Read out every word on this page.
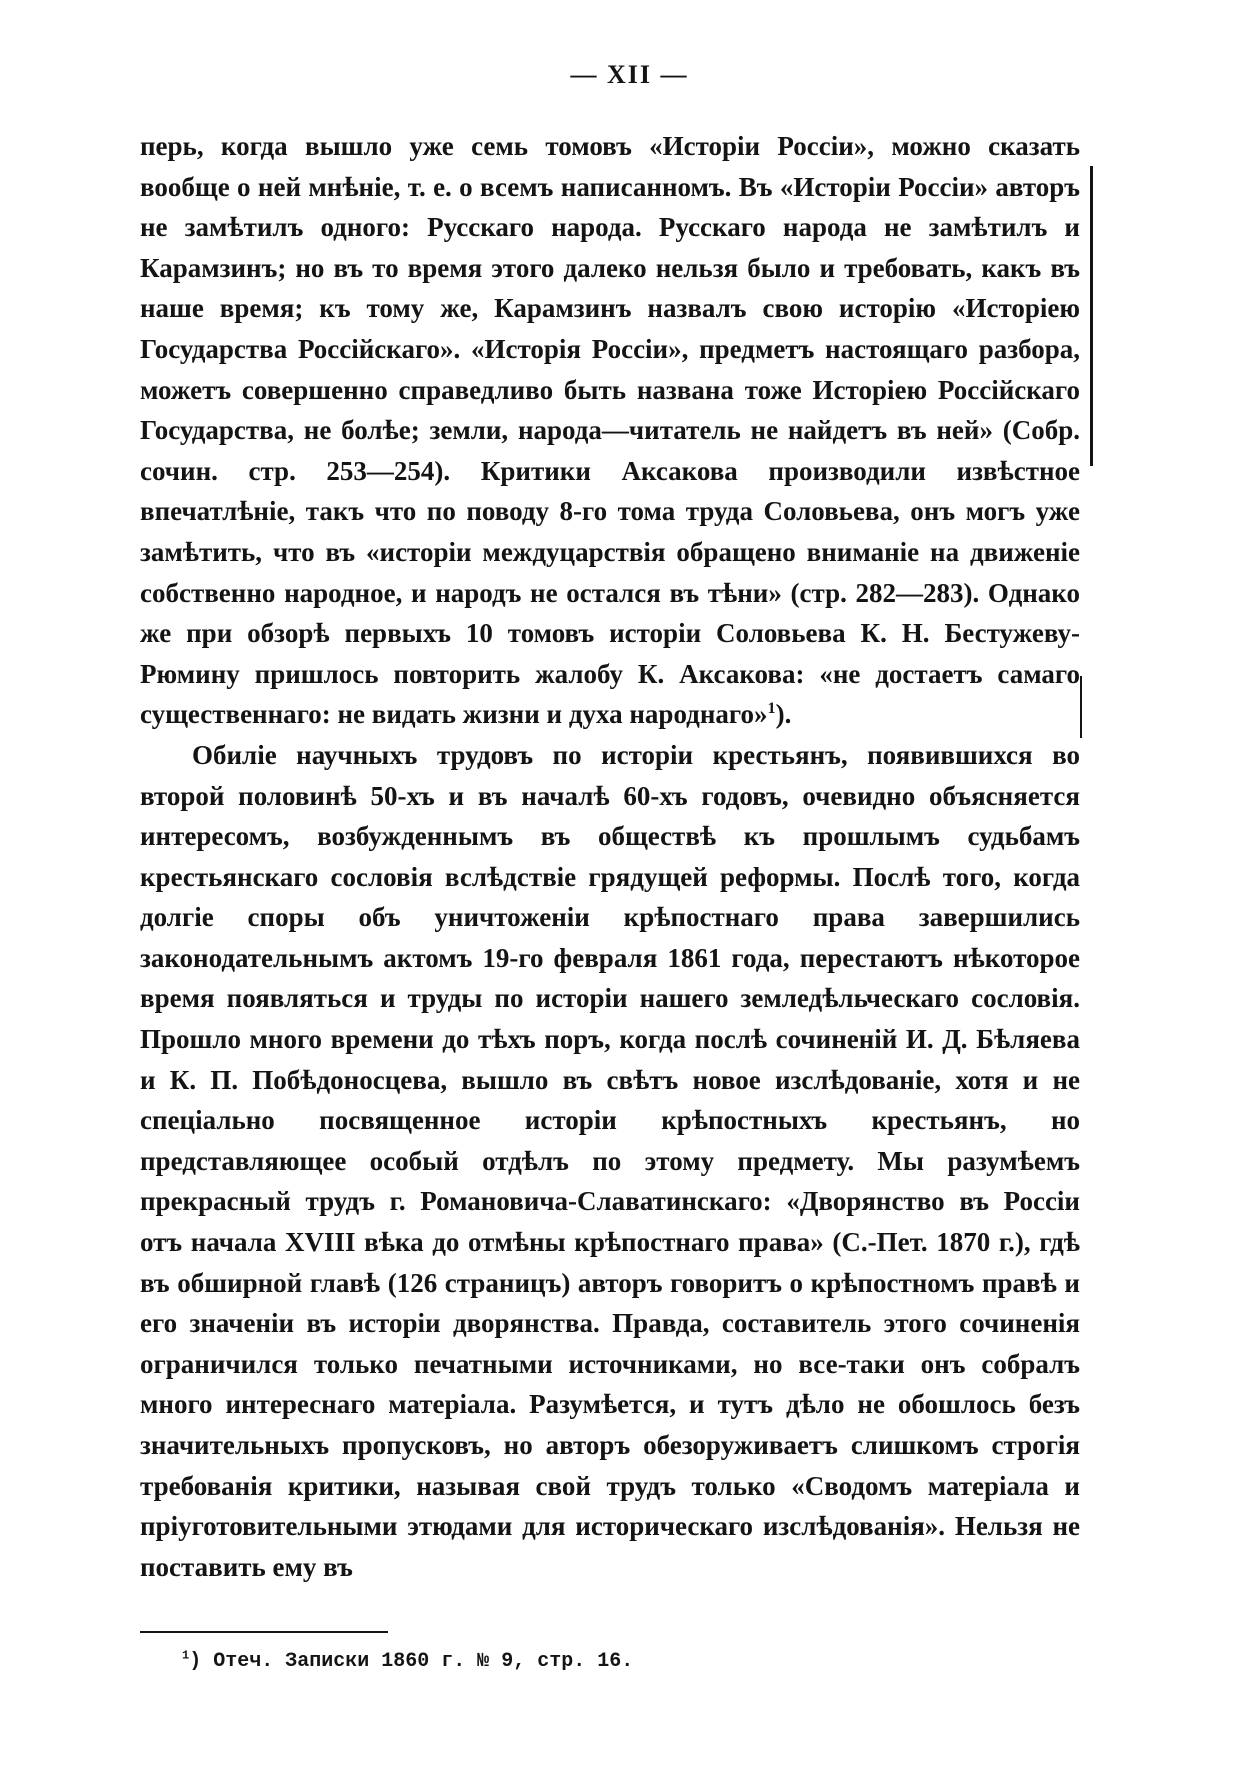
— XII —

перь, когда вышло уже семь томовъ «Исторіи Россіи», можно сказать вообще о ней мнѣніе, т. е. о всемъ написанномъ. Въ «Исторіи Россіи» авторъ не замѣтилъ одного: Русскаго народа. Русскаго народа не замѣтилъ и Карамзинъ; но въ то время этого далеко нельзя было и требовать, какъ въ наше время; къ тому же, Карамзинъ назвалъ свою исторію «Исторіею Государства Россійскаго». «Исторія Россіи», предметъ настоящаго разбора, можетъ совершенно справедливо быть названа тоже Исторіею Россійскаго Государства, не болѣе; земли, народа—читатель не найдетъ въ ней» (Собр. сочин. стр. 253—254). Критики Аксакова производили извѣстное впечатлѣніе, такъ что по поводу 8-го тома труда Соловьева, онъ могъ уже замѣтить, что въ «исторіи междуцарствія обращено вниманіе на движеніе собственно народное, и народъ не остался въ тѣни» (стр. 282—283). Однако же при обзорѣ первыхъ 10 томовъ исторіи Соловьева К. Н. Бестужеву-Рюмину пришлось повторить жалобу К. Аксакова: «не достаетъ самаго существеннаго: не видать жизни и духа народнаго»$^1$).

Обиліе научныхъ трудовъ по исторіи крестьянъ, появившихся во второй половинѣ 50-хъ и въ началѣ 60-хъ годовъ, очевидно объясняется интересомъ, возбужденнымъ въ обществѣ къ прошлымъ судьбамъ крестьянскаго сословія вслѣдствіе грядущей реформы. Послѣ того, когда долгіе споры объ уничтоженіи крѣпостнаго права завершились законодательнымъ актомъ 19-го февраля 1861 года, перестаютъ нѣкоторое время появляться и труды по исторіи нашего земледѣльческаго сословія. Прошло много времени до тѣхъ поръ, когда послѣ сочиненій И. Д. Бѣляева и К. П. Побѣдоносцева, вышло въ свѣтъ новое изслѣдованіе, хотя и не спеціально посвященное исторіи крѣпостныхъ крестьянъ, но представляющее особый отдѣлъ по этому предмету. Мы разумѣемъ прекрасный трудъ г. Романовича-Славатинскаго: «Дворянство въ Россіи отъ начала XVIII вѣка до отмѣны крѣпостнаго права» (С.-Пет. 1870 г.), гдѣ въ обширной главѣ (126 страницъ) авторъ говоритъ о крѣпостномъ правѣ и его значеніи въ исторіи дворянства. Правда, составитель этого сочиненія ограничился только печатными источниками, но все-таки онъ собралъ много интереснаго матеріала. Разумѣется, и тутъ дѣло не обошлось безъ значительныхъ пропусковъ, но авторъ обезоруживаетъ слишкомъ строгія требованія критики, называя свой трудъ только «Сводомъ матеріала и пріуготовительными этюдами для историческаго изслѣдованія». Нельзя не поставить ему въ

$^1$) Отеч. Записки 1860 г. № 9, стр. 16.
